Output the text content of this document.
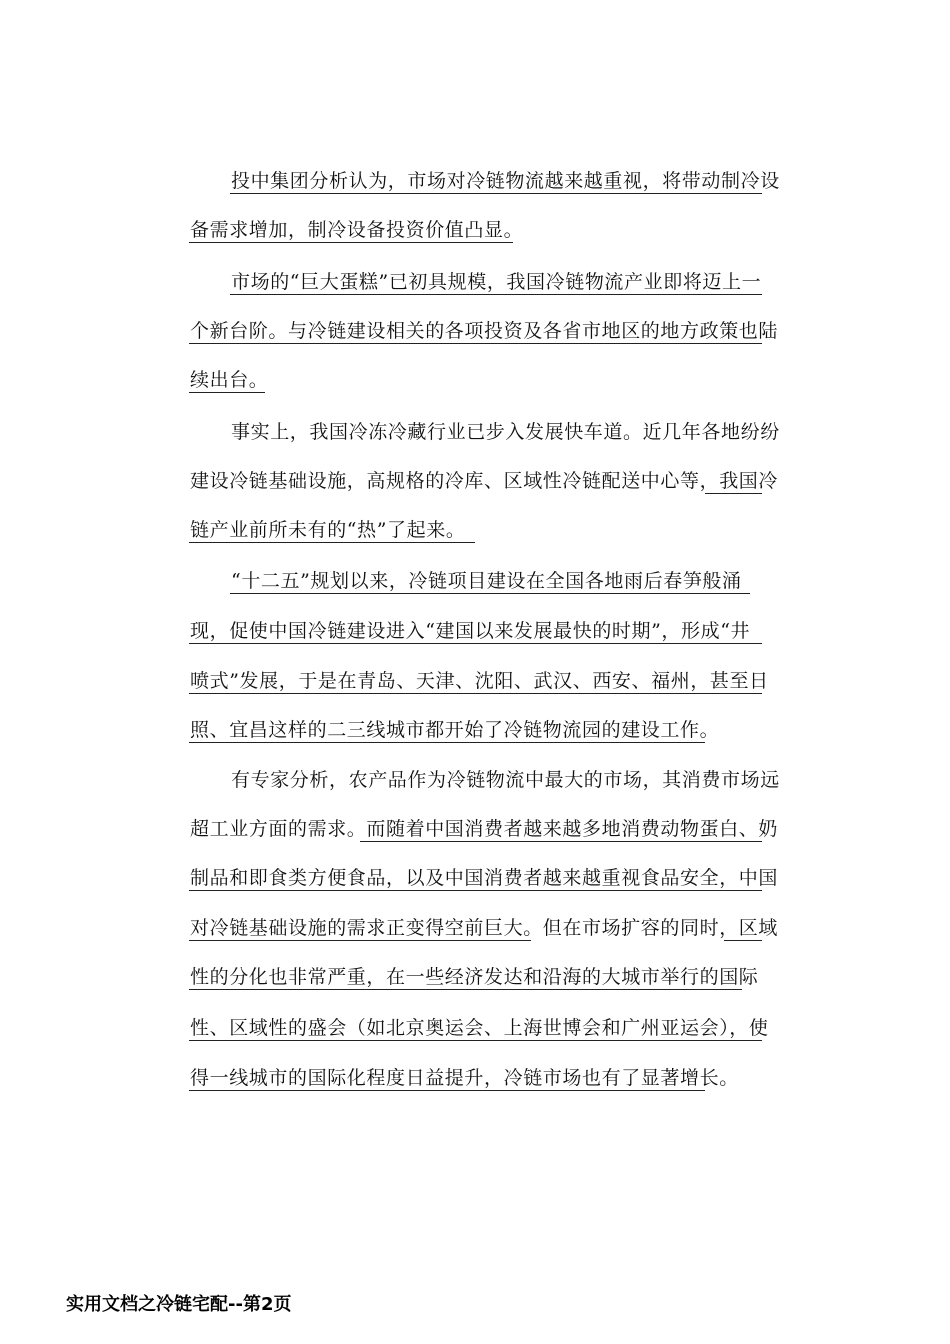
投中集团分析认为，市场对冷链物流越来越重视，将带动制冷设
备需求增加，制冷设备投资价值凸显。
市场的“巨大蛋糕”已初具规模，我国冷链物流产业即将迈上一
个新台阶。与冷链建设相关的各项投资及各省市地区的地方政策也陆
续出台。
事实上，我国冷冻冷藏行业已步入发展快车道。近几年各地纷纷
建设冷链基础设施，高规格的冷库、区域性冷链配送中心等，我国冷
链产业前所未有的“热”了起来。
“十二五”规划以来，冷链项目建设在全国各地雨后春笋般涌
现，促使中国冷链建设进入“建国以来发展最快的时期”，形成“井
喷式”发展，于是在青岛、天津、沈阳、武汉、西安、福州，甚至日
照、宜昌这样的二三线城市都开始了冷链物流园的建设工作。
有专家分析，农产品作为冷链物流中最大的市场，其消费市场远
超工业方面的需求。而随着中国消费者越来越多地消费动物蛋白、奶
制品和即食类方便食品，以及中国消费者越来越重视食品安全，中国
对冷链基础设施的需求正变得空前巨大。但在市场扩容的同时，区域
性的分化也非常严重，在一些经济发达和沿海的大城市举行的国际
性、区域性的盛会（如北京奥运会、上海世博会和广州亚运会），使
得一线城市的国际化程度日益提升，冷链市场也有了显著增长。
实用文档之冷链宅配--第2页
